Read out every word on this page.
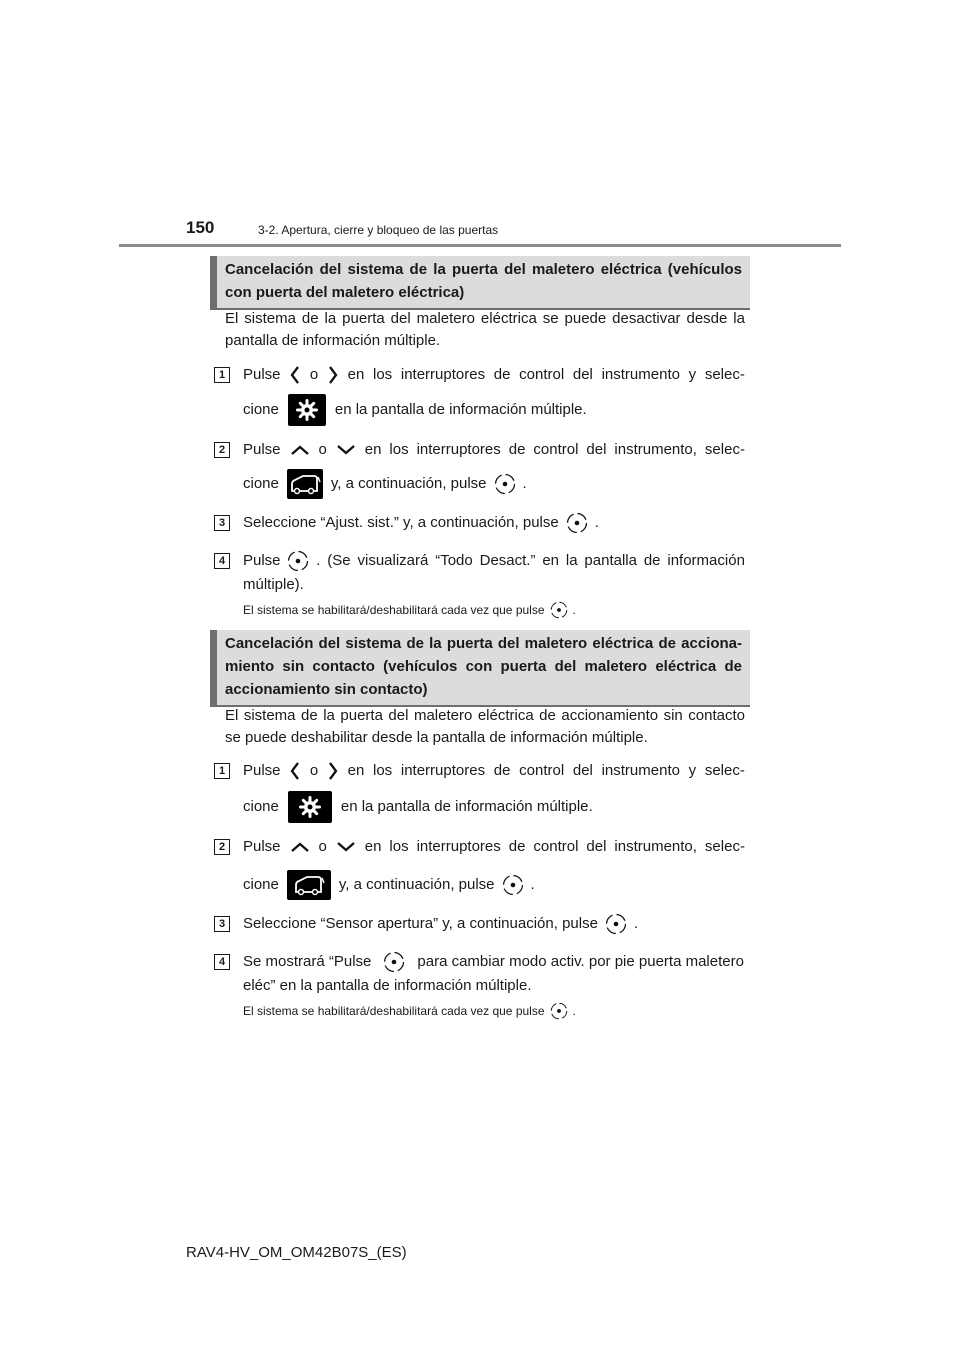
150	3-2. Apertura, cierre y bloqueo de las puertas
Cancelación del sistema de la puerta del maletero eléctrica (vehículos con puerta del maletero eléctrica)
El sistema de la puerta del maletero eléctrica se puede desactivar desde la pantalla de información múltiple.
1	Pulse o en los interruptores de control del instrumento y selec-
cione	en la pantalla de información múltiple.
2	Pulse	o	en los interruptores de control del instrumento, selec-
cione	y, a continuación, pulse .
3	Seleccione “Ajust. sist.” y, a continuación, pulse .
4	Pulse . (Se visualizará “Todo Desact.” en la pantalla de información
múltiple).
El sistema se habilitará/deshabilitará cada vez que pulse .
Cancelación del sistema de la puerta del maletero eléctrica de acciona-miento sin contacto (vehículos con puerta del maletero eléctrica de accionamiento sin contacto)
El sistema de la puerta del maletero eléctrica de accionamiento sin contacto se puede deshabilitar desde la pantalla de información múltiple.
1	Pulse o en los interruptores de control del instrumento y selec-
cione	en la pantalla de información múltiple.
2	Pulse	o	en los interruptores de control del instrumento, selec-
cione	y, a continuación, pulse .
3	Seleccione “Sensor apertura” y, a continuación, pulse .
4	Se mostrará “Pulse	para cambiar modo activ. por pie puerta maletero
eléc” en la pantalla de información múltiple.
El sistema se habilitará/deshabilitará cada vez que pulse .
RAV4-HV_OM_OM42B07S_(ES)
